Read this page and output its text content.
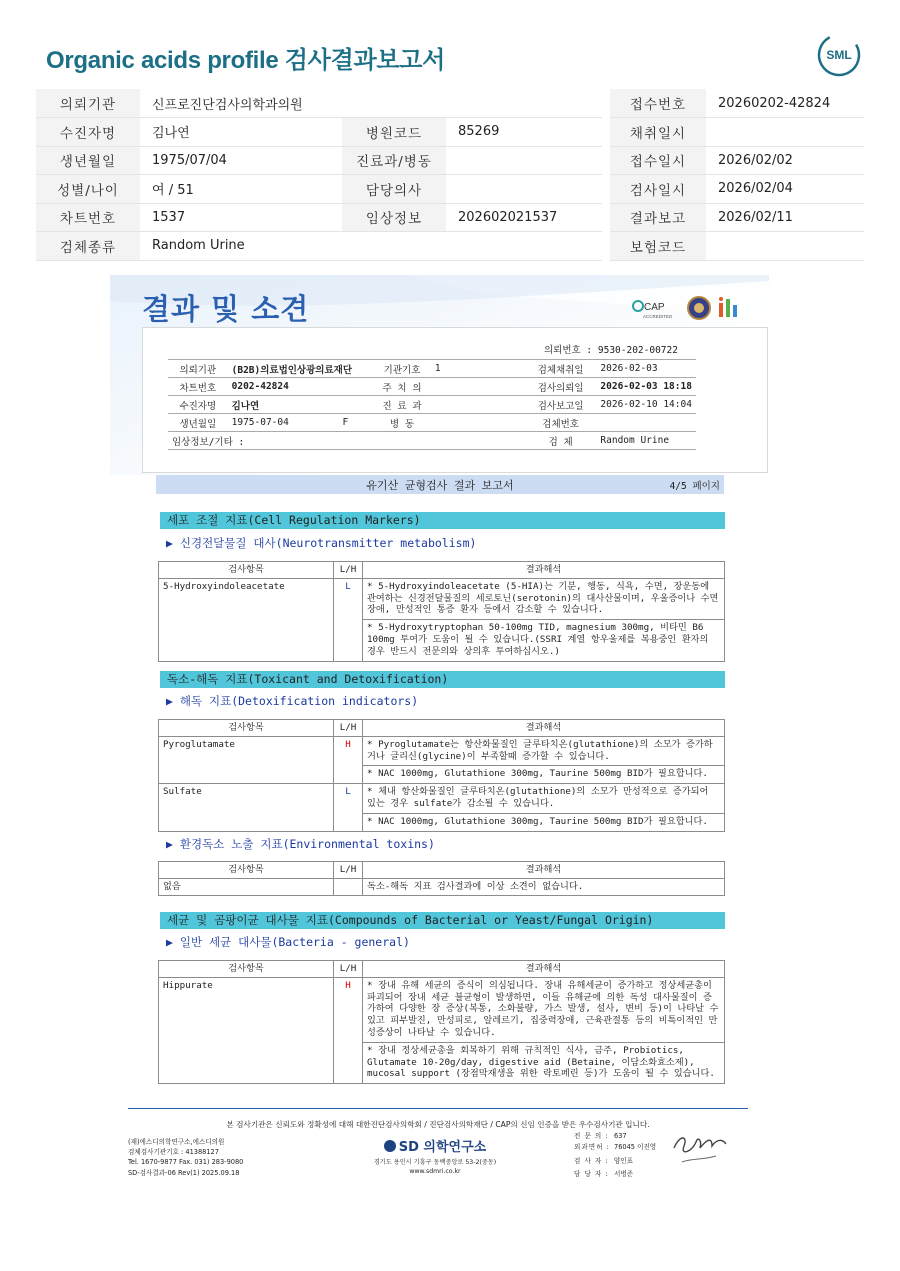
Organic acids profile 검사결과보고서	SML
의뢰기관	신프로진단검사의학과의원				접수번호	20260202-42824
수진자명	김나연	병원코드	85269		채취일시	
생년월일	1975/07/04	진료과/병동			접수일시	2026/02/02
성별/나이	여 / 51	담당의사			검사일시	2026/02/04
차트번호	1537	임상정보	202602021537		결과보고	2026/02/11
검체종류	Random Urine				보험코드	
결과 및 소견	CAP
ACCREDITED
의뢰번호 : 9530-202-00722
의뢰기관	(B2B)의료법인상광의료재단		기관기호	1	검체채취일	2026-02-03
차트번호	0202-42824		주 치 의		검사의뢰일	2026-02-03 18:18
수진자명	김나연		진 료 과		검사보고일	2026-02-10 14:04
생년월일	1975-07-04	F	병 동		검체번호	
임상정보/기타 :					검 체	Random Urine
유기산 균형검사 결과 보고서	4/5 페이지
세포 조절 지표(Cell Regulation Markers)
▶ 신경전달물질 대사(Neurotransmitter metabolism)
검사항목	L/H	결과해석
5-Hydroxyindoleacetate	L	* 5-Hydroxyindoleacetate (5-HIA)는 기분, 행동, 식욕, 수면, 장운동에 관여하는 신경전달물질의 세로토닌(serotonin)의 대사산물이며, 우울증이나 수면장애, 만성적인 통증 환자 등에서 감소할 수 있습니다.
* 5-Hydroxytryptophan 50-100mg TID, magnesium 300mg, 비타민 B6 100mg 투여가 도움이 될 수 있습니다.(SSRI 계열 항우울제를 복용중인 환자의 경우 반드시 전문의와 상의후 투여하십시오.)
독소-해독 지표(Toxicant and Detoxification)
▶ 해독 지표(Detoxification indicators)
검사항목	L/H	결과해석
Pyroglutamate	H	* Pyroglutamate는 항산화물질인 글루타치온(glutathione)의 소모가 증가하거나 글리신(glycine)이 부족할때 증가할 수 있습니다.
* NAC 1000mg, Glutathione 300mg, Taurine 500mg BID가 필요합니다.

Sulfate	L	* 체내 항산화물질인 글루타치온(glutathione)의 소모가 만성적으로 증가되어 있는 경우 sulfate가 감소될 수 있습니다.
* NAC 1000mg, Glutathione 300mg, Taurine 500mg BID가 필요합니다.
▶ 환경독소 노출 지표(Environmental toxins)
검사항목	L/H	결과해석
없음		독소-해독 지표 검사결과에 이상 소견이 없습니다.
세균 및 곰팡이균 대사물 지표(Compounds of Bacterial or Yeast/Fungal Origin)
▶ 일반 세균 대사물(Bacteria - general)
검사항목	L/H	결과해석
Hippurate	H	* 장내 유해 세균의 증식이 의심됩니다. 장내 유해세균이 증가하고 정상세균총이 파괴되어 장내 세균 불균형이 발생하면, 이들 유해균에 의한 독성 대사물질이 증가하여 다양한 장 증상(복통, 소화불량, 가스 발생, 설사, 변비 등)이 나타날 수 있고 피부발진, 만성피로, 알레르기, 집중력장애, 근육관절통 등의 비특이적인 만성증상이 나타날 수 있습니다.
* 장내 정상세균총을 회복하기 위해 규칙적인 식사, 금주, Probiotics, Glutamate 10-20g/day, digestive aid (Betaine, 이담소화효소제), mucosal support (장점막재생을 위한 락토페린 등)가 도움이 될 수 있습니다.
본 검사기관은 신뢰도와 정확성에 대해 대한진단검사의학회 / 진단검사의학재단 / CAP의 신임 인증을 받은 우수검사기관 입니다.
(재)에스디의학연구소,에스디의원
검체검사기관기호 : 41388127
Tel. 1670-9877 Fax. 031) 283-9080
SD-검사결과-06 Rev(1) 2025.09.18
SD 의학연구소
경기도 용인시 기흥구 동백중앙로 53-2(중동)
www.sdmri.co.kr
전 문 의 : 637
외과면허 : 76045 이진영
검 사 자 : 양인표
담 당 자 : 서병준
